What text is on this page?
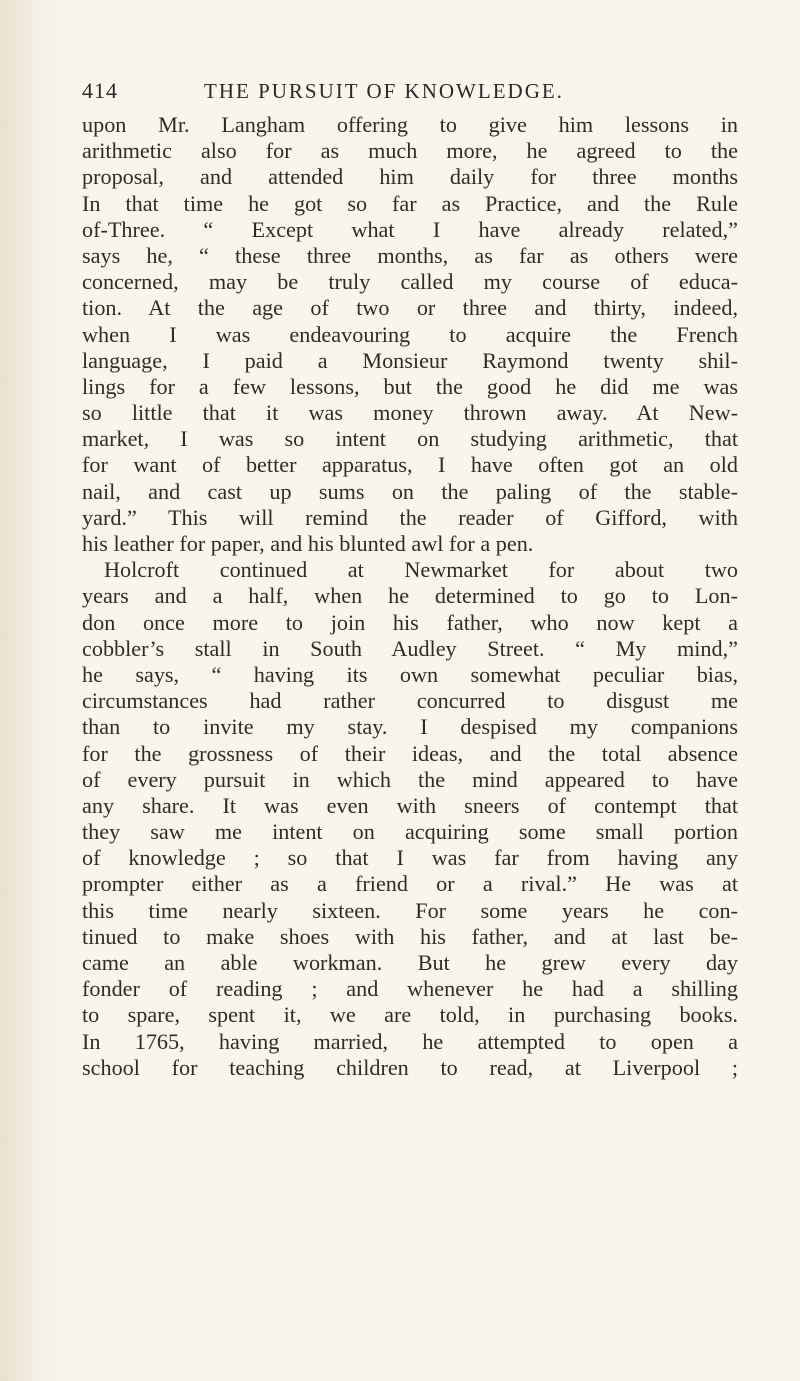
414	THE PURSUIT OF KNOWLEDGE.
upon Mr. Langham offering to give him lessons in
arithmetic also for as much more, he agreed to the
proposal, and attended him daily for three months
In that time he got so far as Practice, and the Rule
of-Three. “ Except what I have already related,”
says he, “ these three months, as far as others were
concerned, may be truly called my course of educa-
tion. At the age of two or three and thirty, indeed,
when I was endeavouring to acquire the French
language, I paid a Monsieur Raymond twenty shil-
lings for a few lessons, but the good he did me was
so little that it was money thrown away. At New-
market, I was so intent on studying arithmetic, that
for want of better apparatus, I have often got an old
nail, and cast up sums on the paling of the stable-
yard.” This will remind the reader of Gifford, with
his leather for paper, and his blunted awl for a pen.
Holcroft continued at Newmarket for about two
years and a half, when he determined to go to Lon-
don once more to join his father, who now kept a
cobbler’s stall in South Audley Street. “ My mind,”
he says, “ having its own somewhat peculiar bias,
circumstances had rather concurred to disgust me
than to invite my stay. I despised my companions
for the grossness of their ideas, and the total absence
of every pursuit in which the mind appeared to have
any share. It was even with sneers of contempt that
they saw me intent on acquiring some small portion
of knowledge ; so that I was far from having any
prompter either as a friend or a rival.” He was at
this time nearly sixteen. For some years he con-
tinued to make shoes with his father, and at last be-
came an able workman. But he grew every day
fonder of reading ; and whenever he had a shilling
to spare, spent it, we are told, in purchasing books.
In 1765, having married, he attempted to open a
school for teaching children to read, at Liverpool ;
